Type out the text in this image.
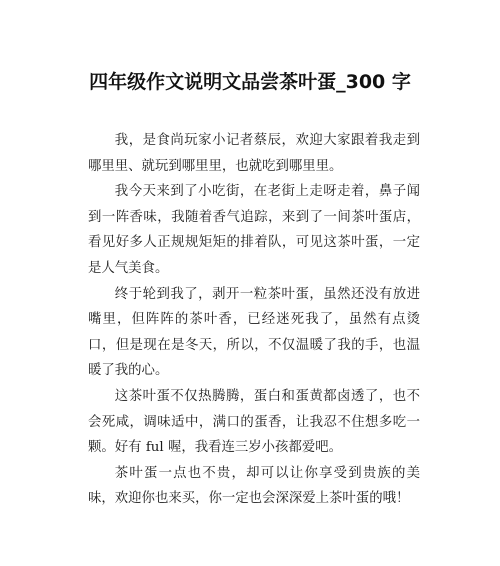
四年级作文说明文品尝茶叶蛋_300 字

我，是食尚玩家小记者蔡辰，欢迎大家跟着我走到哪里里、就玩到哪里里，也就吃到哪里里。

我今天来到了小吃街，在老街上走呀走着，鼻子闻到一阵香味，我随着香气追踪，来到了一间茶叶蛋店，看见好多人正规规矩矩的排着队，可见这茶叶蛋，一定是人气美食。

终于轮到我了，剥开一粒茶叶蛋，虽然还没有放进嘴里，但阵阵的茶叶香，已经迷死我了，虽然有点烫口，但是现在是冬天，所以，不仅温暖了我的手，也温暖了我的心。

这茶叶蛋不仅热腾腾，蛋白和蛋黄都卤透了，也不会死咸，调味适中，满口的蛋香，让我忍不住想多吃一颗。好有 ful 喔，我看连三岁小孩都爱吧。

茶叶蛋一点也不贵，却可以让你享受到贵族的美味，欢迎你也来买，你一定也会深深爱上茶叶蛋的哦！
